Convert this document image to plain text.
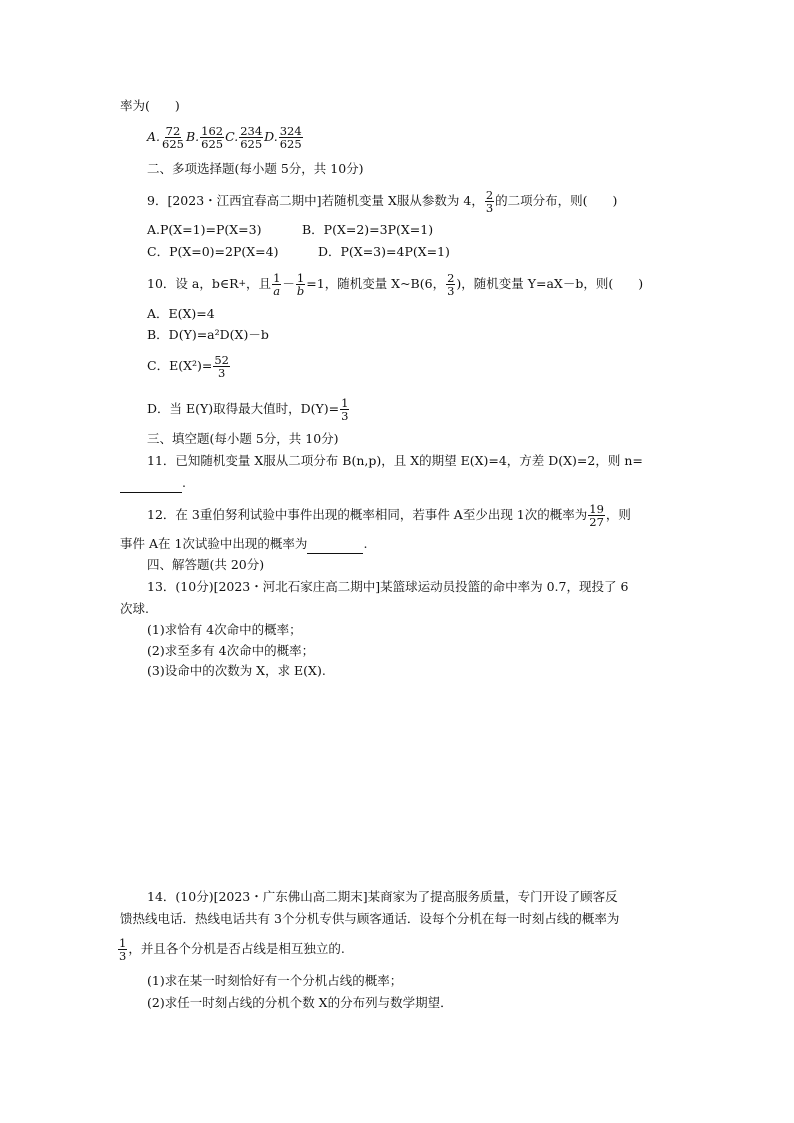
率为(　　)
A. $\frac{72}{625} B$. $\frac{162}{625} C$. $\frac{234}{625} D$. $\frac{324}{625}$
二、多项选择题(每小题 5分，共 10分)
9．[2023・江西宜春高二期中]若随机变量 X服从参数为 4， $\frac{2}{3}$ 的二项分布，则(　　)
A.P(X=1)=P(X=3)	B．P(X=2)=3P(X=1)
C．P(X=0)=2P(X=4)	D．P(X=3)=4P(X=1)
10．设 a，b∈R + ，且 $\frac{1}{a} - \frac{1}{b} =1$，随机变量 X~B(6， $\frac{2}{3}$ )，随机变量 Y=aX－b，则(　　)
A．E(X)=4
B．D(Y)=a²D(X)－b
C．$E(X^2)= \frac{52}{3}$
D．当 E(Y)取得最大值时，$D(Y)= \frac{1}{3}$
三、填空题(每小题 5分，共 10分)
11．已知随机变量 X服从二项分布 B(n,p)，且 X的期望 E(X)=4，方差 D(X)=2，则 n=
.
12．在 3重伯努利试验中事件出现的概率相同，若事件 A至少出现 1次的概率为 $\frac{19}{27}$ ，则
事件 A在 1次试验中出现的概率为	.
四、解答题(共 20分)
13．(10分)[2023・河北石家庄高二期中]某篮球运动员投篮的命中率为 0.7，现投了 6
次球.
(1)求恰有 4次命中的概率；
(2)求至多有 4次命中的概率；
(3)设命中的次数为 X，求 E(X).
14．(10分)[2023・广东佛山高二期末]某商家为了提高服务质量，专门开设了顾客反
馈热线电话．热线电话共有 3个分机专供与顾客通话．设每个分机在每一时刻占线的概率为
$\frac{1}{3}$ ，并且各个分机是否占线是相互独立的.
(1)求在某一时刻恰好有一个分机占线的概率；
(2)求任一时刻占线的分机个数 X的分布列与数学期望．
